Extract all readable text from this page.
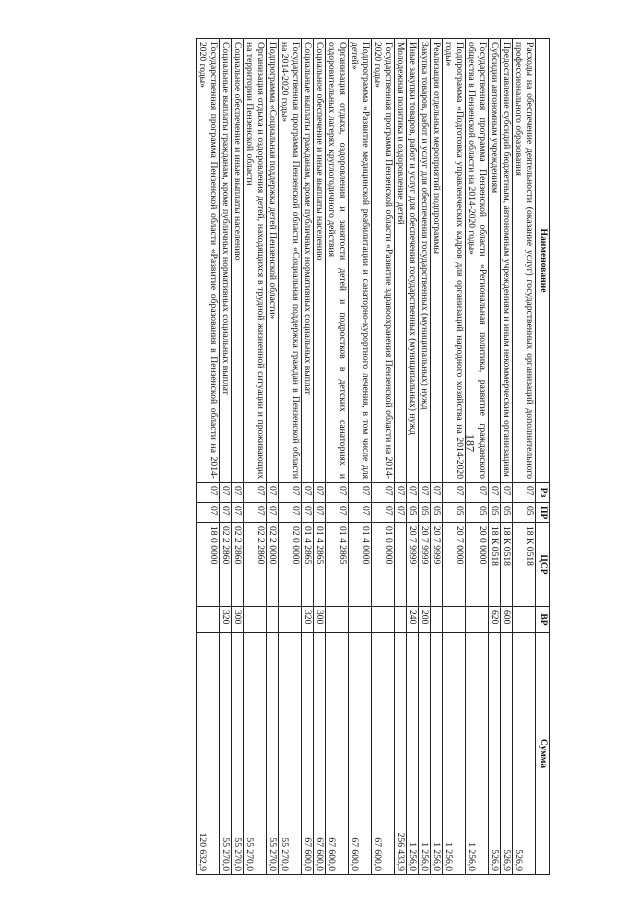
187
Наименование	Рз	ПР	ЦСР	ВР	Сумма
Расходы на обеспечение деятельности (оказание услуг) государственных организаций дополнительного профессионального образования	07	05	18 К 0518		526,9
Предоставление субсидий бюджетным, автономным учреждениям и иным некоммерческим организациям	07	05	18 К 0518	600	526,9
Субсидии автономным учреждениям	07	05	18 К 0518	620	526,9
Государственная программа Пензенской области «Региональная политика, развитие гражданского общества в Пензенской области на 2014-2020 годы»	07	05	20 0 0000		1 256,0
Подпрограмма «Подготовка управленческих кадров для организаций народного хозяйства на 2014-2020 годы»	07	05	20 7 0000		1 256,0
Реализация отдельных мероприятий подпрограммы	07	05	20 7 9999		1 256,0
Закупка товаров, работ и услуг для обеспечения государственных (муниципальных) нужд	07	05	20 7 9999	200	1 256,0
Иные закупки товаров, работ и услуг для обеспечения государственных (муниципальных) нужд	07	05	20 7 9999	240	1 256,0
Молодежная политика и оздоровление детей	07	07			256 433,9
Государственная программа Пензенской области «Развитие здравоохранения Пензенской области на 2014-2020 годы»	07	07	01 0 0000		67 600,0
Подпрограмма «Развитие медицинской реабилитации и санаторно-курортного лечения, в том числе для детей»	07	07	01 4 0000		67 600,0
Организация отдыха, оздоровления и занятости детей и подростков в детских санаториях и оздоровительных лагерях круглогодичного действия	07	07	01 4 2865		67 600,0
Социальное обеспечение и иные выплаты населению	07	07	01 4 2865	300	67 600,0
Социальные выплаты гражданам, кроме публичных нормативных социальных выплат	07	07	01 4 2865	320	67 600,0
Государственная программа Пензенской области «Социальная поддержка граждан в Пензенской области на 2014-2020 годы»	07	07	02 0 0000		55 270,0
Подпрограмма «Социальная поддержка детей Пензенской области»	07	07	02 2 0000		55 270,0
Организация отдыха и оздоровления детей, находящихся в трудной жизненной ситуации и проживающих на территории Пензенской области	07	07	02 2 2860		55 270,0
Социальное обеспечение и иные выплаты населению	07	07	02 2 2860	300	55 270,0
Социальные выплаты гражданам, кроме публичных нормативных социальных выплат	07	07	02 2 2860	320	55 270,0
Государственная программа Пензенской области «Развитие образования в Пензенской области на 2014-2020 годы»	07	07	18 0 0000		120 632,9
